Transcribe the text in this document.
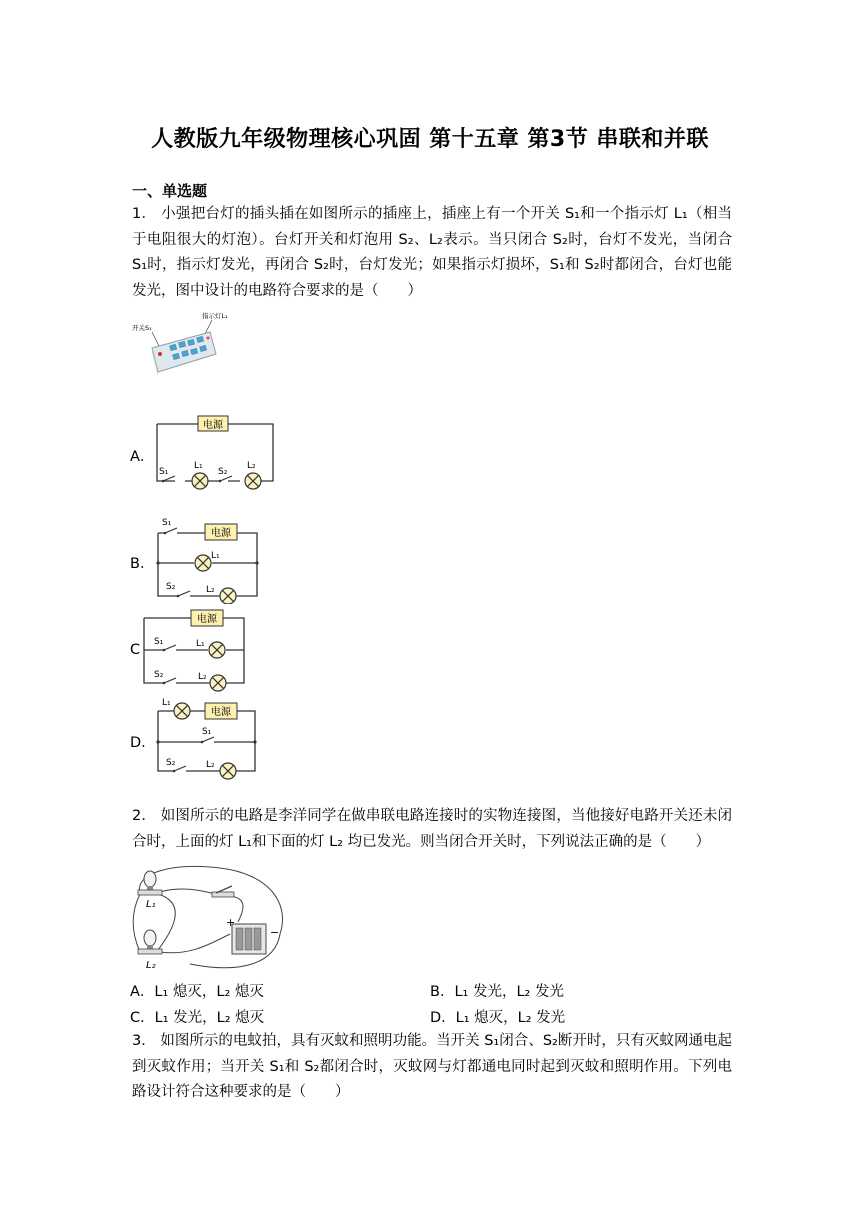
人教版九年级物理核心巩固 第十五章 第3节 串联和并联
一、单选题
1． 小强把台灯的插头插在如图所示的插座上，插座上有一个开关 S₁和一个指示灯 L₁（相当于电阻很大的灯泡）。台灯开关和灯泡用 S₂、L₂表示。当只闭合 S₂时，台灯不发光，当闭合 S₁时，指示灯发光，再闭合 S₂时，台灯发光；如果指示灯损坏，S₁和 S₂时都闭合，台灯也能发光，图中设计的电路符合要求的是（　　）
开关S₁
指示灯L₁
A．
电源
S₁
L₁
S₂
L₂
B．
电源
S₁
L₁
S₂	L₂
C
电源
S₁	L₁
S₂	L₂
D．
L₁
电源
S₁
S₂	L₂
2． 如图所示的电路是李洋同学在做串联电路连接时的实物连接图，当他接好电路开关还未闭合时，上面的灯 L₁和下面的灯 L₂ 均已发光。则当闭合开关时，下列说法正确的是（　　）
L₁
L₂
+
−
A．L₁ 熄灭，L₂ 熄灭	B．L₁ 发光，L₂ 发光
C．L₁ 发光，L₂ 熄灭	D．L₁ 熄灭，L₂ 发光
3． 如图所示的电蚊拍，具有灭蚊和照明功能。当开关 S₁闭合、S₂断开时，只有灭蚊网通电起到灭蚊作用；当开关 S₁和 S₂都闭合时，灭蚊网与灯都通电同时起到灭蚊和照明作用。下列电路设计符合这种要求的是（　　）
